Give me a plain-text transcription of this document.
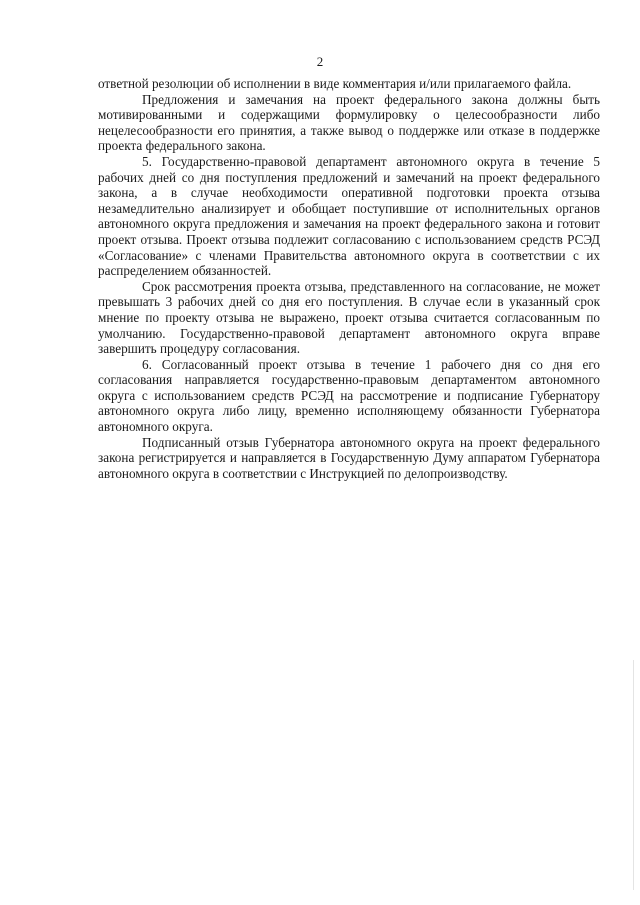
2

ответной резолюции об исполнении в виде комментария и/или прилагаемого файла.

Предложения и замечания на проект федерального закона должны быть мотивированными и содержащими формулировку о целесообразности либо нецелесообразности его принятия, а также вывод о поддержке или отказе в поддержке проекта федерального закона.

5. Государственно-правовой департамент автономного округа в течение 5 рабочих дней со дня поступления предложений и замечаний на проект федерального закона, а в случае необходимости оперативной подготовки проекта отзыва незамедлительно анализирует и обобщает поступившие от исполнительных органов автономного округа предложения и замечания на проект федерального закона и готовит проект отзыва. Проект отзыва подлежит согласованию с использованием средств РСЭД «Согласование» с членами Правительства автономного округа в соответствии с их распределением обязанностей.

Срок рассмотрения проекта отзыва, представленного на согласование, не может превышать 3 рабочих дней со дня его поступления. В случае если в указанный срок мнение по проекту отзыва не выражено, проект отзыва считается согласованным по умолчанию. Государственно-правовой департамент автономного округа вправе завершить процедуру согласования.

6. Согласованный проект отзыва в течение 1 рабочего дня со дня его согласования направляется государственно-правовым департаментом автономного округа с использованием средств РСЭД на рассмотрение и подписание Губернатору автономного округа либо лицу, временно исполняющему обязанности Губернатора автономного округа.

Подписанный отзыв Губернатора автономного округа на проект федерального закона регистрируется и направляется в Государственную Думу аппаратом Губернатора автономного округа в соответствии с Инструкцией по делопроизводству.
